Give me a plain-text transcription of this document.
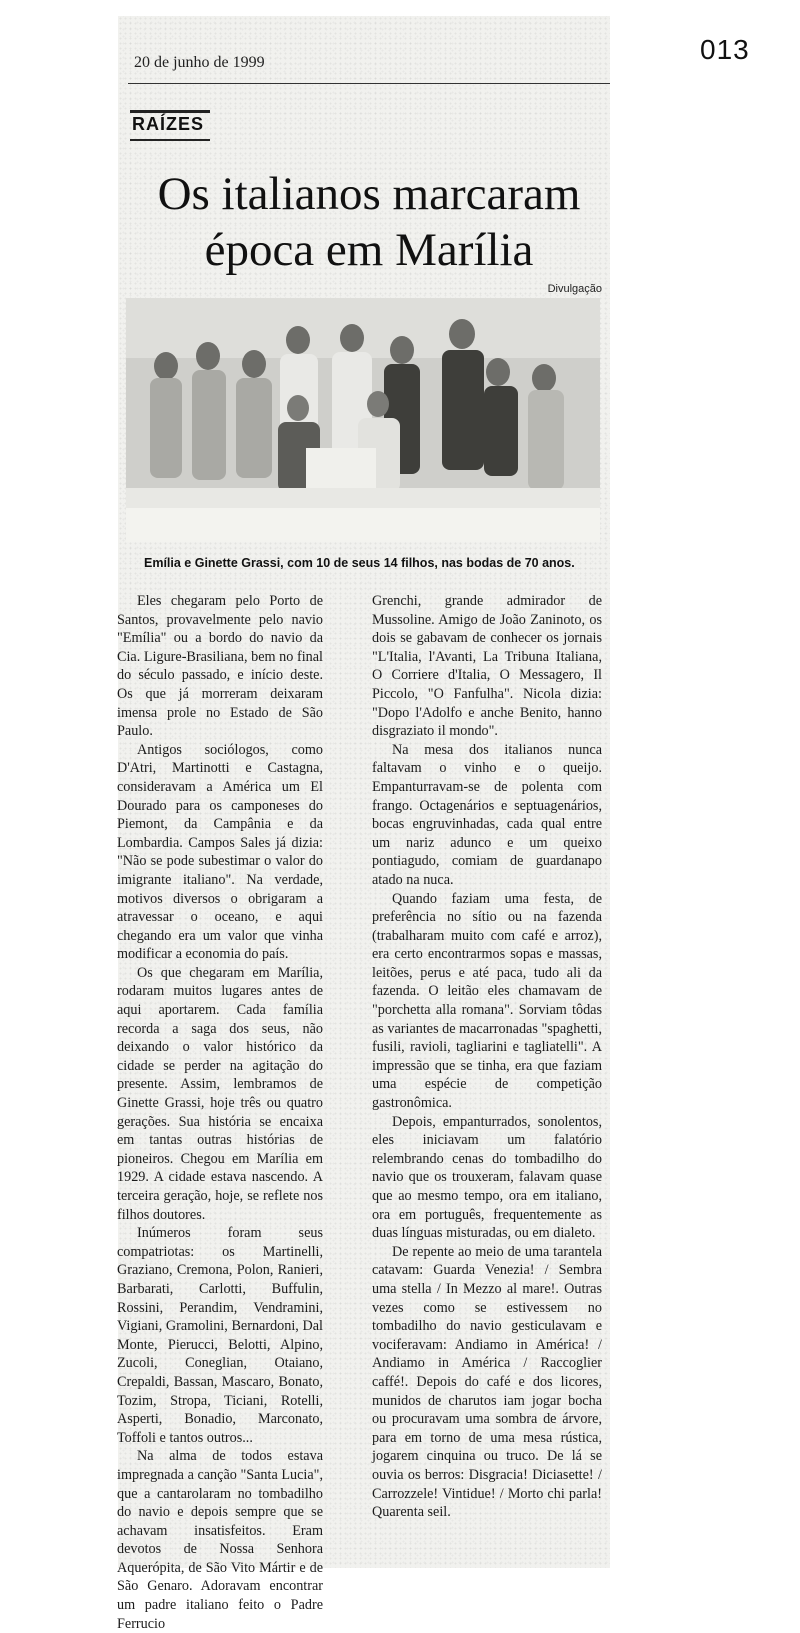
013
20 de junho de 1999
RAÍZES
Os italianos marcaram
época em Marília
Divulgação
Emília e Ginette Grassi, com 10 de seus 14 filhos, nas bodas de 70 anos.

Eles chegaram pelo Porto de Santos, provavelmente pelo navio "Emília" ou a bordo do navio da Cia. Ligure-Brasiliana, bem no final do século passado, e início deste. Os que já morreram deixaram imensa prole no Estado de São Paulo.

Antigos sociólogos, como D'Atri, Martinotti e Castagna, consideravam a América um El Dourado para os camponeses do Piemont, da Campânia e da Lombardia. Campos Sales já dizia: "Não se pode subestimar o valor do imigrante italiano". Na verdade, motivos diversos o obrigaram a atravessar o oceano, e aqui chegando era um valor que vinha modificar a economia do país.

Os que chegaram em Marília, rodaram muitos lugares antes de aqui aportarem. Cada família recorda a saga dos seus, não deixando o valor histórico da cidade se perder na agitação do presente. Assim, lembramos de Ginette Grassi, hoje três ou quatro gerações. Sua história se encaixa em tantas outras histórias de pioneiros. Chegou em Marília em 1929. A cidade estava nascendo. A terceira geração, hoje, se reflete nos filhos doutores.

Inúmeros foram seus compatriotas: os Martinelli, Graziano, Cremona, Polon, Ranieri, Barbarati, Carlotti, Buffulin, Rossini, Perandim, Vendramini, Vigiani, Gramolini, Bernardoni, Dal Monte, Pierucci, Belotti, Alpino, Zucoli, Coneglian, Otaiano, Crepaldi, Bassan, Mascaro, Bonato, Tozim, Stropa, Ticiani, Rotelli, Asperti, Bonadio, Marconato, Toffoli e tantos outros...

Na alma de todos estava impregnada a canção "Santa Lucia", que a cantarolaram no tombadilho do navio e depois sempre que se achavam insatisfeitos. Eram devotos de Nossa Senhora Aquerópita, de São Vito Mártir e de São Genaro. Adoravam encontrar um padre italiano feito o Padre Ferrucio

Grenchi, grande admirador de Mussoline. Amigo de João Zaninoto, os dois se gabavam de conhecer os jornais "L'Italia, l'Avanti, La Tribuna Italiana, O Corriere d'Italia, O Messagero, Il Piccolo, "O Fanfulha". Nicola dizia: "Dopo l'Adolfo e anche Benito, hanno disgraziato il mondo".

Na mesa dos italianos nunca faltavam o vinho e o queijo. Empanturravam-se de polenta com frango. Octagenários e septuagenários, bocas engruvinhadas, cada qual entre um nariz adunco e um queixo pontiagudo, comiam de guardanapo atado na nuca.

Quando faziam uma festa, de preferência no sítio ou na fazenda (trabalharam muito com café e arroz), era certo encontrarmos sopas e massas, leitões, perus e até paca, tudo ali da fazenda. O leitão eles chamavam de "porchetta alla romana". Sorviam tôdas as variantes de macarronadas "spaghetti, fusili, ravioli, tagliarini e tagliatelli". A impressão que se tinha, era que faziam uma espécie de competição gastronômica.

Depois, empanturrados, sonolentos, eles iniciavam um falatório relembrando cenas do tombadilho do navio que os trouxeram, falavam quase que ao mesmo tempo, ora em italiano, ora em português, frequentemente as duas línguas misturadas, ou em dialeto.

De repente ao meio de uma tarantela catavam: Guarda Venezia! / Sembra uma stella / In Mezzo al mare!. Outras vezes como se estivessem no tombadilho do navio gesticulavam e vociferavam: Andiamo in América! / Andiamo in América / Raccoglier caffé!. Depois do café e dos licores, munidos de charutos iam jogar bocha ou procuravam uma sombra de árvore, para em torno de uma mesa rústica, jogarem cinquina ou truco. De lá se ouvia os berros: Disgracia! Diciasette! / Carrozzele! Vintidue! / Morto chi parla! Quarenta seil.
